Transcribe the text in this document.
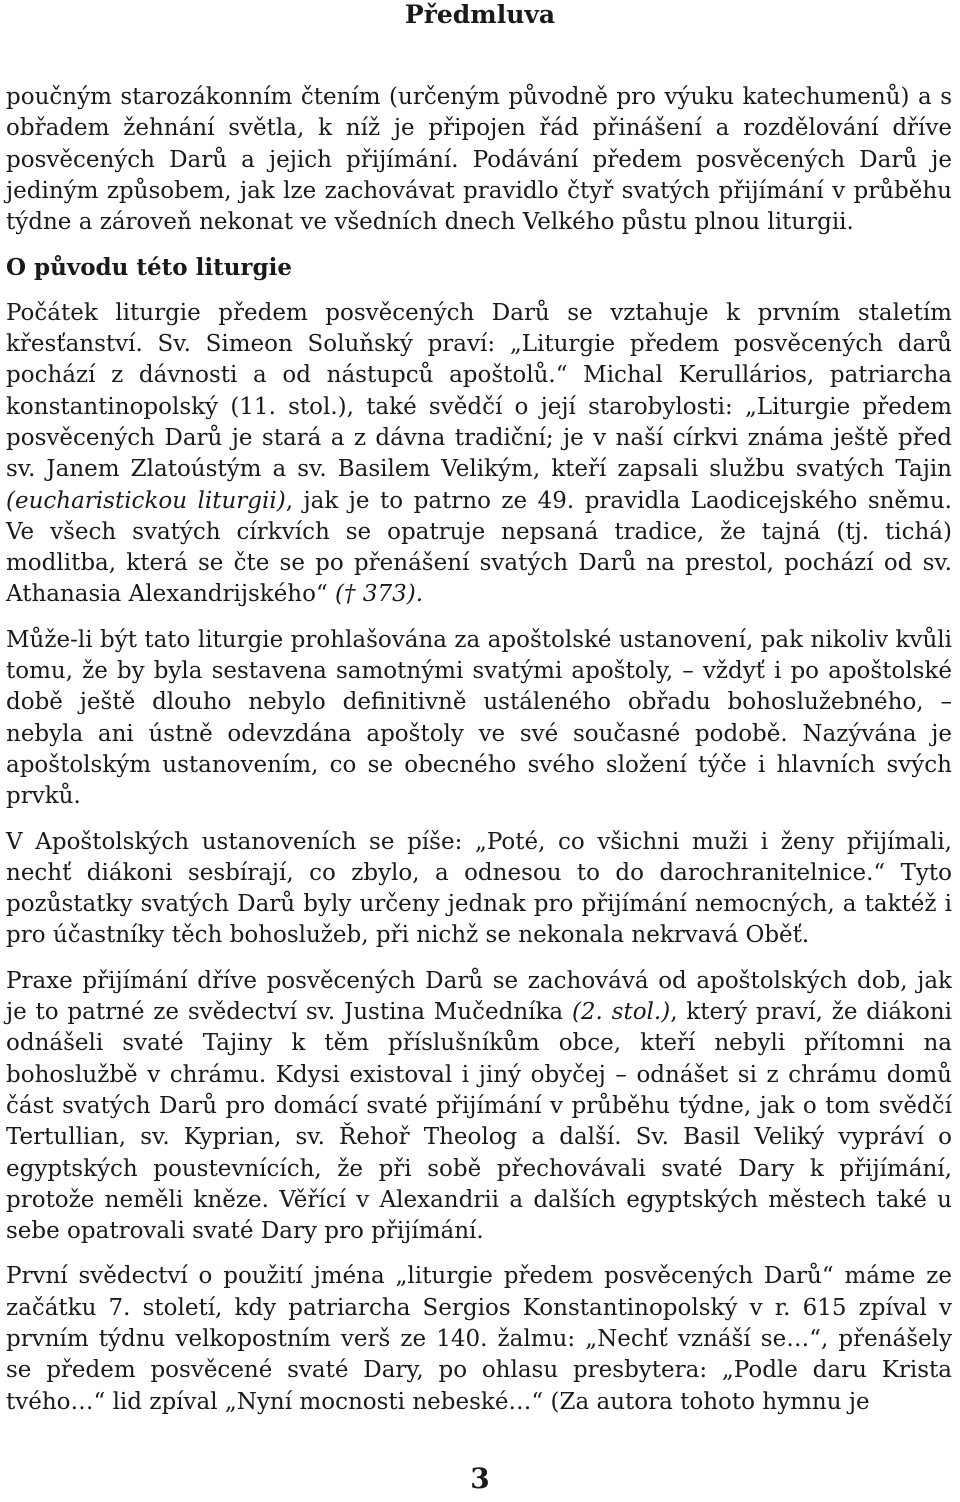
Předmluva

poučným starozákonním čtením (určeným původně pro výuku katechumenů) a s obřadem žehnání světla, k níž je připojen řád přinášení a rozdělování dříve posvěcených Darů a jejich přijímání. Podávání předem posvěcených Darů je jediným způsobem, jak lze zachovávat pravidlo čtyř svatých přijímání v průběhu týdne a zároveň nekonat ve všedních dnech Velkého půstu plnou liturgii.

O původu této liturgie

Počátek liturgie předem posvěcených Darů se vztahuje k prvním staletím křesťanství. Sv. Simeon Soluňský praví: „Liturgie předem posvěcených darů pochází z dávnosti a od nástupců apoštolů.“ Michal Kerullários, patriarcha konstantinopolský (11. stol.), také svědčí o její starobylosti: „Liturgie předem posvěcených Darů je stará a z dávna tradiční; je v naší církvi známa ještě před sv. Janem Zlatoústým a sv. Basilem Velikým, kteří zapsali službu svatých Tajin (eucharistickou liturgii), jak je to patrno ze 49. pravidla Laodicejského sněmu. Ve všech svatých církvích se opatruje nepsaná tradice, že tajná (tj. tichá) modlitba, která se čte se po přenášení svatých Darů na prestol, pochází od sv. Athanasia Alexandrijského“ († 373).

Může-li být tato liturgie prohlašována za apoštolské ustanovení, pak nikoliv kvůli tomu, že by byla sestavena samotnými svatými apoštoly, – vždyť i po apoštolské době ještě dlouho nebylo definitivně ustáleného obřadu bohoslužebného, – nebyla ani ústně odevzdána apoštoly ve své současné podobě. Nazývána je apoštolským ustanovením, co se obecného svého složení týče i hlavních svých prvků.

V Apoštolských ustanoveních se píše: „Poté, co všichni muži i ženy přijímali, nechť diákoni sesbírají, co zbylo, a odnesou to do darochranitelnice.“ Tyto pozůstatky svatých Darů byly určeny jednak pro přijímání nemocných, a taktéž i pro účastníky těch bohoslužeb, při nichž se nekonala nekrvavá Oběť.

Praxe přijímání dříve posvěcených Darů se zachovává od apoštolských dob, jak je to patrné ze svědectví sv. Justina Mučedníka (2. stol.), který praví, že diákoni odnášeli svaté Tajiny k těm příslušníkům obce, kteří nebyli přítomni na bohoslužbě v chrámu. Kdysi existoval i jiný obyčej – odnášet si z chrámu domů část svatých Darů pro domácí svaté přijímání v průběhu týdne, jak o tom svědčí Tertullian, sv. Kyprian, sv. Řehoř Theolog a další. Sv. Basil Veliký vypráví o egyptských poustevnících, že při sobě přechovávali svaté Dary k přijímání, protože neměli kněze. Věřící v Alexandrii a dalších egyptských městech také u sebe opatrovali svaté Dary pro přijímání.

První svědectví o použití jména „liturgie předem posvěcených Darů“ máme ze začátku 7. století, kdy patriarcha Sergios Konstantinopolský v r. 615 zpíval v prvním týdnu velkopostním verš ze 140. žalmu: „Nechť vznáší se…“, přenášely se předem posvěcené svaté Dary, po ohlasu presbytera: „Podle daru Krista tvého…“ lid zpíval „Nyní mocnosti nebeské…“ (Za autora tohoto hymnu je

3
